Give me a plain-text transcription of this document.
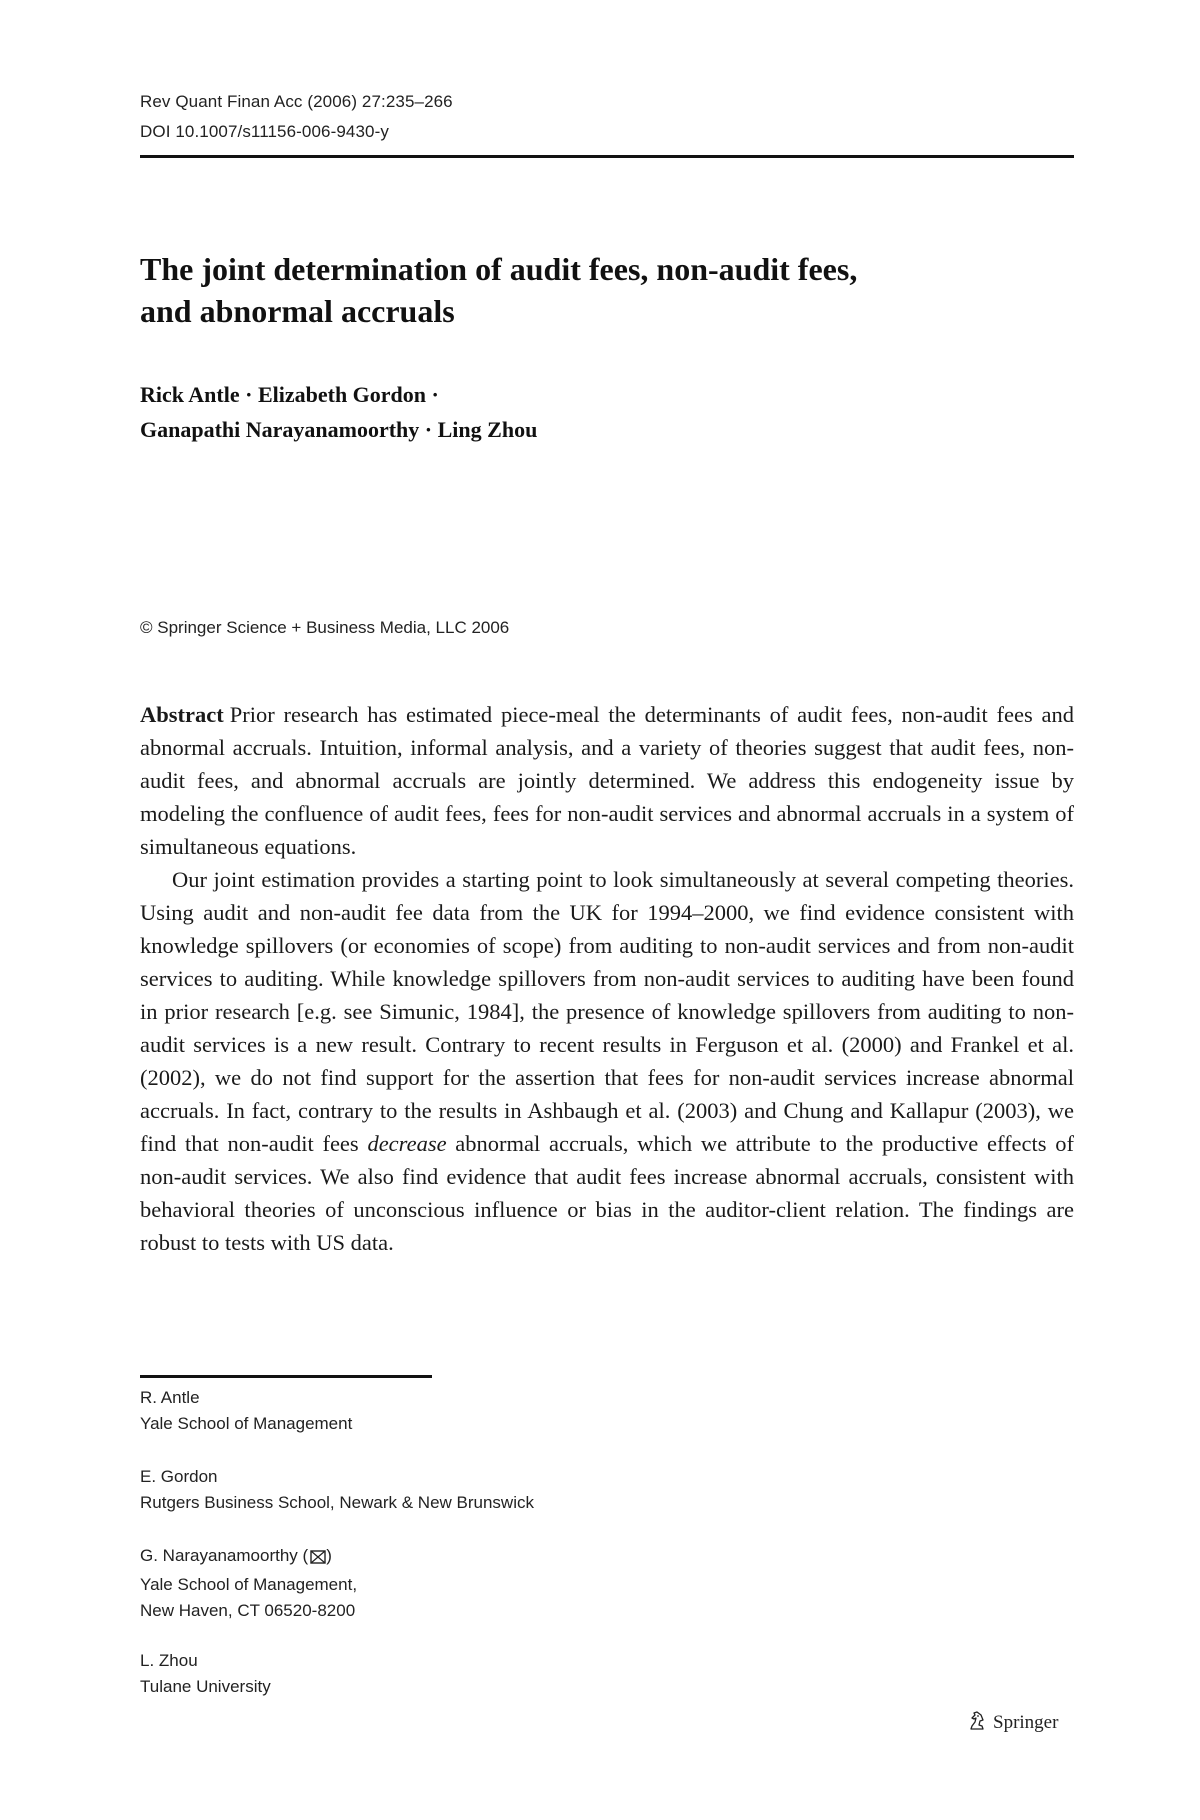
Rev Quant Finan Acc (2006) 27:235–266
DOI 10.1007/s11156-006-9430-y
The joint determination of audit fees, non-audit fees,
and abnormal accruals
Rick Antle · Elizabeth Gordon ·
Ganapathi Narayanamoorthy · Ling Zhou
© Springer Science + Business Media, LLC 2006

Abstract Prior research has estimated piece-meal the determinants of audit fees, non-audit fees and abnormal accruals. Intuition, informal analysis, and a variety of theories suggest that audit fees, non-audit fees, and abnormal accruals are jointly determined. We address this endogeneity issue by modeling the confluence of audit fees, fees for non-audit services and abnormal accruals in a system of simultaneous equations.

Our joint estimation provides a starting point to look simultaneously at several competing theories. Using audit and non-audit fee data from the UK for 1994–2000, we find evidence consistent with knowledge spillovers (or economies of scope) from auditing to non-audit services and from non-audit services to auditing. While knowledge spillovers from non-audit services to auditing have been found in prior research [e.g. see Simunic, 1984], the presence of knowledge spillovers from auditing to non-audit services is a new result. Contrary to recent results in Ferguson et al. (2000) and Frankel et al. (2002), we do not find support for the assertion that fees for non-audit services increase abnormal accruals. In fact, contrary to the results in Ashbaugh et al. (2003) and Chung and Kallapur (2003), we find that non-audit fees decrease abnormal accruals, which we attribute to the productive effects of non-audit services. We also find evidence that audit fees increase abnormal accruals, consistent with behavioral theories of unconscious influence or bias in the auditor-client relation. The findings are robust to tests with US data.

R. Antle
Yale School of Management
E. Gordon
Rutgers Business School, Newark & New Brunswick
G. Narayanamoorthy ( )
Yale School of Management,
New Haven, CT 06520-8200
L. Zhou
Tulane University
Springer
